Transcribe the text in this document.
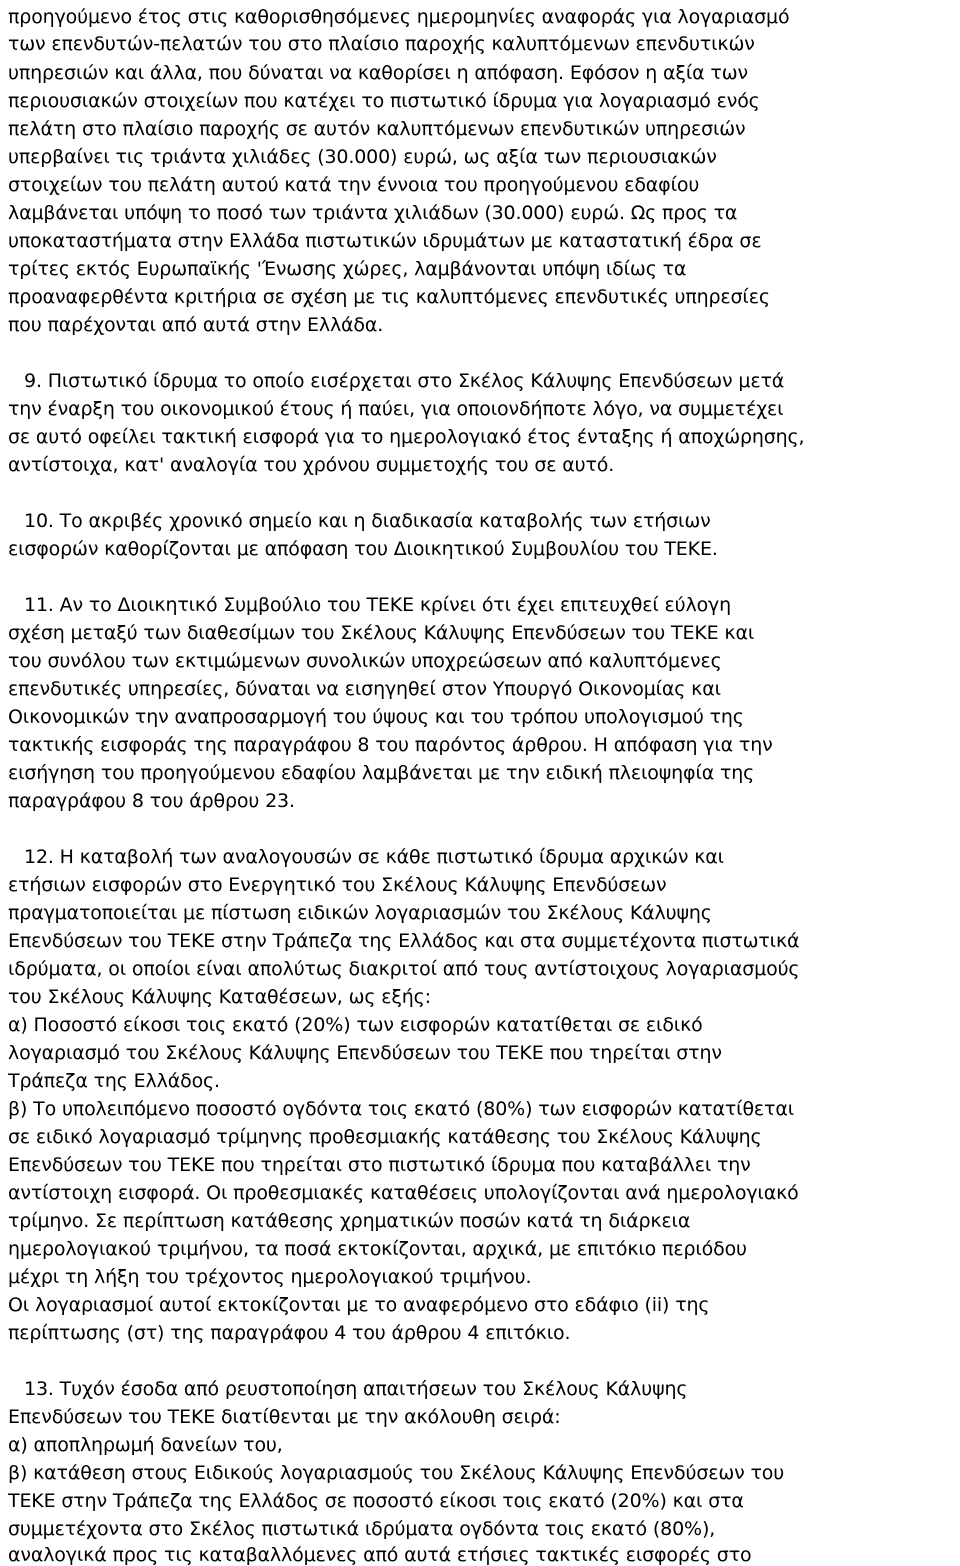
προηγούμενο έτος στις καθορισθησόμενες ημερομηνίες αναφοράς για λογαριασμό
των επενδυτών-πελατών του στο πλαίσιο παροχής καλυπτόμενων επενδυτικών
υπηρεσιών και άλλα, που δύναται να καθορίσει η απόφαση. Εφόσον η αξία των
περιουσιακών στοιχείων που κατέχει το πιστωτικό ίδρυμα για λογαριασμό ενός
πελάτη στο πλαίσιο παροχής σε αυτόν καλυπτόμενων επενδυτικών υπηρεσιών
υπερβαίνει τις τριάντα χιλιάδες (30.000) ευρώ, ως αξία των περιουσιακών
στοιχείων του πελάτη αυτού κατά την έννοια του προηγούμενου εδαφίου
λαμβάνεται υπόψη το ποσό των τριάντα χιλιάδων (30.000) ευρώ. Ως προς τα
υποκαταστήματα στην Ελλάδα πιστωτικών ιδρυμάτων με καταστατική έδρα σε
τρίτες εκτός Ευρωπαϊκής 'Ένωσης χώρες, λαμβάνονται υπόψη ιδίως τα
προαναφερθέντα κριτήρια σε σχέση με τις καλυπτόμενες επενδυτικές υπηρεσίες
που παρέχονται από αυτά στην Ελλάδα.
9. Πιστωτικό ίδρυμα το οποίο εισέρχεται στο Σκέλος Κάλυψης Επενδύσεων μετά
την έναρξη του οικονομικού έτους ή παύει, για οποιονδήποτε λόγο, να συμμετέχει
σε αυτό οφείλει τακτική εισφορά για το ημερολογιακό έτος ένταξης ή αποχώρησης,
αντίστοιχα, κατ' αναλογία του χρόνου συμμετοχής του σε αυτό.
10. Το ακριβές χρονικό σημείο και η διαδικασία καταβολής των ετήσιων
εισφορών καθορίζονται με απόφαση του Διοικητικού Συμβουλίου του ΤΕΚΕ.
11. Αν το Διοικητικό Συμβούλιο του ΤΕΚΕ κρίνει ότι έχει επιτευχθεί εύλογη
σχέση μεταξύ των διαθεσίμων του Σκέλους Κάλυψης Επενδύσεων του ΤΕΚΕ και
του συνόλου των εκτιμώμενων συνολικών υποχρεώσεων από καλυπτόμενες
επενδυτικές υπηρεσίες, δύναται να εισηγηθεί στον Υπουργό Οικονομίας και
Οικονομικών την αναπροσαρμογή του ύψους και του τρόπου υπολογισμού της
τακτικής εισφοράς της παραγράφου 8 του παρόντος άρθρου. Η απόφαση για την
εισήγηση του προηγούμενου εδαφίου λαμβάνεται με την ειδική πλειοψηφία της
παραγράφου 8 του άρθρου 23.
12. Η καταβολή των αναλογουσών σε κάθε πιστωτικό ίδρυμα αρχικών και
ετήσιων εισφορών στο Ενεργητικό του Σκέλους Κάλυψης Επενδύσεων
πραγματοποιείται με πίστωση ειδικών λογαριασμών του Σκέλους Κάλυψης
Επενδύσεων του ΤΕΚΕ στην Τράπεζα της Ελλάδος και στα συμμετέχοντα πιστωτικά
ιδρύματα, οι οποίοι είναι απολύτως διακριτοί από τους αντίστοιχους λογαριασμούς
του Σκέλους Κάλυψης Καταθέσεων, ως εξής:
α) Ποσοστό είκοσι τοις εκατό (20%) των εισφορών κατατίθεται σε ειδικό
λογαριασμό του Σκέλους Κάλυψης Επενδύσεων του ΤΕΚΕ που τηρείται στην
Τράπεζα της Ελλάδος.
β) Το υπολειπόμενο ποσοστό ογδόντα τοις εκατό (80%) των εισφορών κατατίθεται
σε ειδικό λογαριασμό τρίμηνης προθεσμιακής κατάθεσης του Σκέλους Κάλυψης
Επενδύσεων του ΤΕΚΕ που τηρείται στο πιστωτικό ίδρυμα που καταβάλλει την
αντίστοιχη εισφορά. Οι προθεσμιακές καταθέσεις υπολογίζονται ανά ημερολογιακό
τρίμηνο. Σε περίπτωση κατάθεσης χρηματικών ποσών κατά τη διάρκεια
ημερολογιακού τριμήνου, τα ποσά εκτοκίζονται, αρχικά, με επιτόκιο περιόδου
μέχρι τη λήξη του τρέχοντος ημερολογιακού τριμήνου.
Οι λογαριασμοί αυτοί εκτοκίζονται με το αναφερόμενο στο εδάφιο (ii) της
περίπτωσης (στ) της παραγράφου 4 του άρθρου 4 επιτόκιο.
13. Τυχόν έσοδα από ρευστοποίηση απαιτήσεων του Σκέλους Κάλυψης
Επενδύσεων του ΤΕΚΕ διατίθενται με την ακόλουθη σειρά:
α) αποπληρωμή δανείων του,
β) κατάθεση στους Ειδικούς λογαριασμούς του Σκέλους Κάλυψης Επενδύσεων του
ΤΕΚΕ στην Τράπεζα της Ελλάδος σε ποσοστό είκοσι τοις εκατό (20%) και στα
συμμετέχοντα στο Σκέλος πιστωτικά ιδρύματα ογδόντα τοις εκατό (80%),
αναλογικά προς τις καταβαλλόμενες από αυτά ετήσιες τακτικές εισφορές στο
